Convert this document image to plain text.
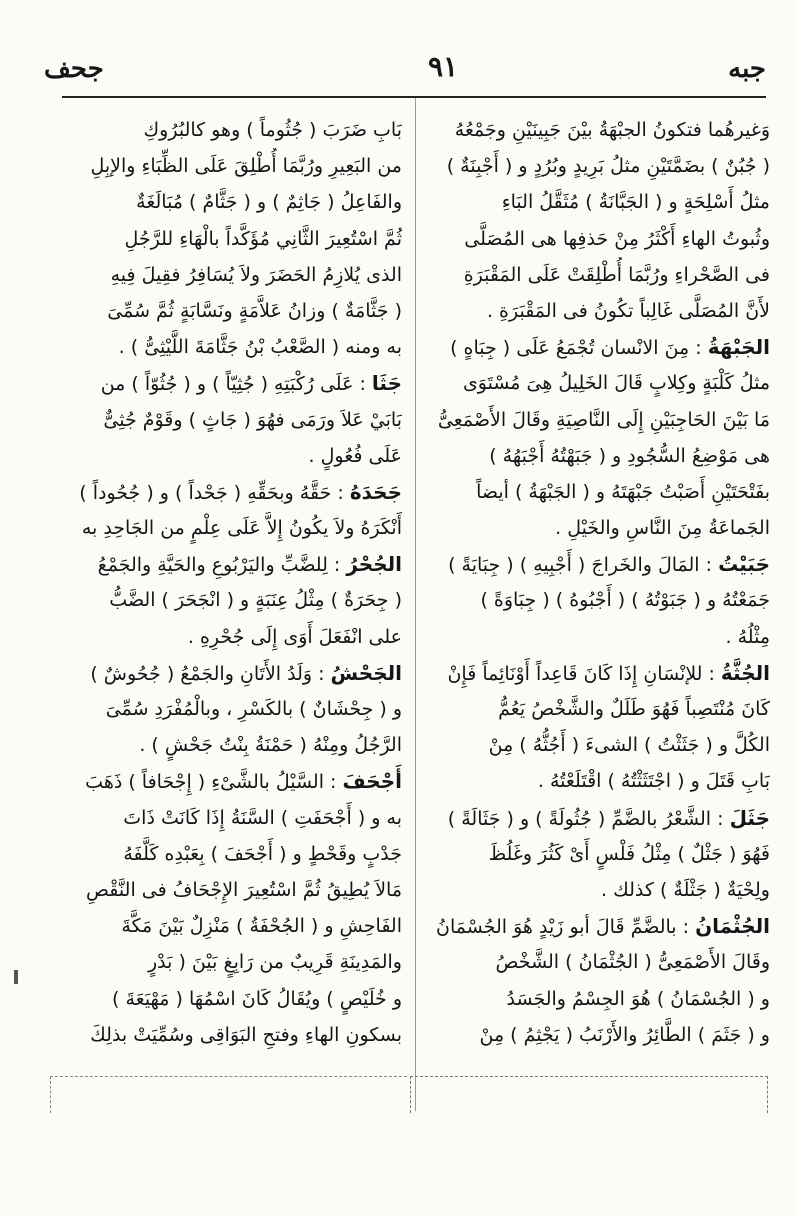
جبه
٩١
جحف
وَغيرهُما فتكونُ الجبْهَةُ بيْنَ جَبِينَيْنِ وجَمْعُهُ
( جُبُنٌ ) بضَمَّتَيْنِ مثلُ بَرِيدٍ وبُرُدٍ و ( أَجْبِنَةٌ )
مثلُ أَسْلِحَةٍ و ( الجَبَّانَةُ ) مُثَقَّلُ البَاءِ
وثُبوتُ الهاءِ أَكْثَرُ مِنْ حَذفِها هى المُصَلَّى
فى الصَّحْراءِ ورُبَّمَا أُطْلِقَتْ عَلَى المَقْبَرَةِ
لأَنَّ المُصَلَّى غَالِباً تكُونُ فى المَقْبَرَةِ .
الجَبْهَةُ : مِنَ الانْسان تُجْمَعُ عَلَى ( جِبَاهٍ )
مثلُ كَلْبَةٍ وكِلابٍ قَالَ الخَلِيلُ هِىَ مُسْتَوَى
مَا بَيْنَ الحَاجِبَيْنِ إِلَى النَّاصِيَةِ وقَالَ الأَصْمَعِىُّ
هى مَوْضِعُ السُّجُودِ و ( جَبَهْتُهُ أَجْبَهُهُ )
بفَتْحَتَيْنِ أَصَبْتُ جَبْهَتَهُ و ( الجَبْهَةُ ) أيضاً
الجَماعَةُ مِنَ النَّاسِ والخَيْلِ .
جَبَيْتُ : المَالَ والخَراجَ ( أَجْبِيهِ ) ( جِبَايَةً )
جَمَعْتُهُ و ( جَبَوْتُهُ ) ( أَجْبُوهُ ) ( جِبَاوَةً )
مِثْلُهُ .
الجُثَّةُ : للإنْسَانِ إِذَا كَانَ قَاعِداً أَوْنَائِماً فَإِنْ
كَانَ مُنْتَصِباً فَهُوَ طَلَلٌ والشَّخْصُ يَعُمُّ
الكُلَّ و ( جَثَثْتُ ) الشىءَ ( أَجُثُّهُ ) مِنْ
بَابِ قَتَلَ و ( اجْتَثَثْتُهُ ) اقْتَلَعْتُهُ .
جَثَلَ : الشَّعْرُ بالضَّمِّ ( جُثُولَةً ) و ( جَثَالَةً )
فَهُوَ ( جَثْلٌ ) مِثْلُ فَلْسٍ أَىْ كَثُرَ وغَلُظَ
ولِحْيَةٌ ( جَثْلَةٌ ) كذلك .
الجُثْمَانُ : بالضَّمِّ قَالَ أبو زَيْدٍ هُوَ الجُسْمَانُ
وقَالَ الأَصْمَعِىُّ ( الجُثْمَانُ ) الشَّخْصُ
و ( الجُسْمَانُ ) هُوَ الجِسْمُ والجَسَدُ
و ( جَثَمَ ) الطَّائِرُ والأَرْنَبُ ( يَجْثِمُ ) مِنْ
بَابِ ضَرَبَ ( جُثُوماً ) وهو كالبُرُوكِ
من البَعِيرِ ورُبَّمَا أُطْلِقَ عَلَى الظِّبَاءِ والإبِلِ
والفَاعِلُ ( جَاثِمٌ ) و ( جَثَّامٌ ) مُبَالَغَةٌ
ثُمَّ اسْتُعِيرَ الثَّانِي مُؤَكَّداً بالْهَاءِ للرَّجُلِ
الذى يُلازِمُ الحَضَرَ ولاَ يُسَافِرُ فقِيلَ فِيهِ
( جَثَّامَةٌ ) وزانُ عَلاَّمَةٍ ونَسَّابَةٍ ثُمَّ سُمِّىَ
به ومنه ( الصَّعْبُ بْنُ جَثَّامَةَ اللَّيْثِىُّ ) .
جَثَا : عَلَى رُكْبَتِهِ ( جُثِيّاً ) و ( جُثُوّاً ) من
بَابَيْ عَلاَ ورَمَى فهُوَ ( جَاثٍ ) وقَوْمٌ جُثِىٌّ
عَلَى فُعُولٍ .
جَحَدَهُ : حَقَّهُ وبحَقِّهِ ( جَحْداً ) و ( جُحُوداً )
أَنْكَرَهُ ولاَ يكُونُ إِلاَّ عَلَى عِلْمٍ من الجَاحِدِ به
الجُحْرُ : لِلضَّبِّ واليَرْبُوعِ والحَيَّةِ والجَمْعُ
( جِحَرَةٌ ) مِثْلُ عِنَبَةٍ و ( انْجَحَرَ ) الضَّبُّ
على انْفَعَلَ أَوَى إِلَى جُحْرِهِ .
الجَحْشُ : وَلَدُ الأَتَانِ والجَمْعُ ( جُحُوشٌ )
و ( جِحْشَانٌ ) بالكَسْرِ ، وبالْمُفْرَدِ سُمِّىَ
الرَّجُلُ ومِنْهُ ( حَمْنَةُ بِنْتُ جَحْشٍ ) .
أَجْحَفَ : السَّيْلُ بالشَّىْءِ ( إِجْحَافاً ) ذَهَبَ
به و ( أَجْحَفَتِ ) السَّنَةُ إِذَا كَانَتْ ذَاتَ
جَدْبٍ وقَحْطٍ و ( أَجْحَفَ ) بِعَبْدِه كَلَّفَهُ
مَالاَ يُطِيقُ ثُمَّ اسْتُعِيرَ الإِجْحَافُ فى النَّقْصِ
الفَاحِشِ و ( الجُحْفَةُ ) مَنْزِلٌ بَيْنَ مَكَّةَ
والمَدِينَةِ قَرِيبٌ من رَابِغٍ بَيْنَ ( بَدْرٍ
و خُلَيْصٍ ) ويُقَالُ كَانَ اسْمُهَا ( مَهْيَعَةَ )
بسكونِ الهاءِ وفتحِ البَوَاقِى وسُمِّيَتْ بذلِكَ
